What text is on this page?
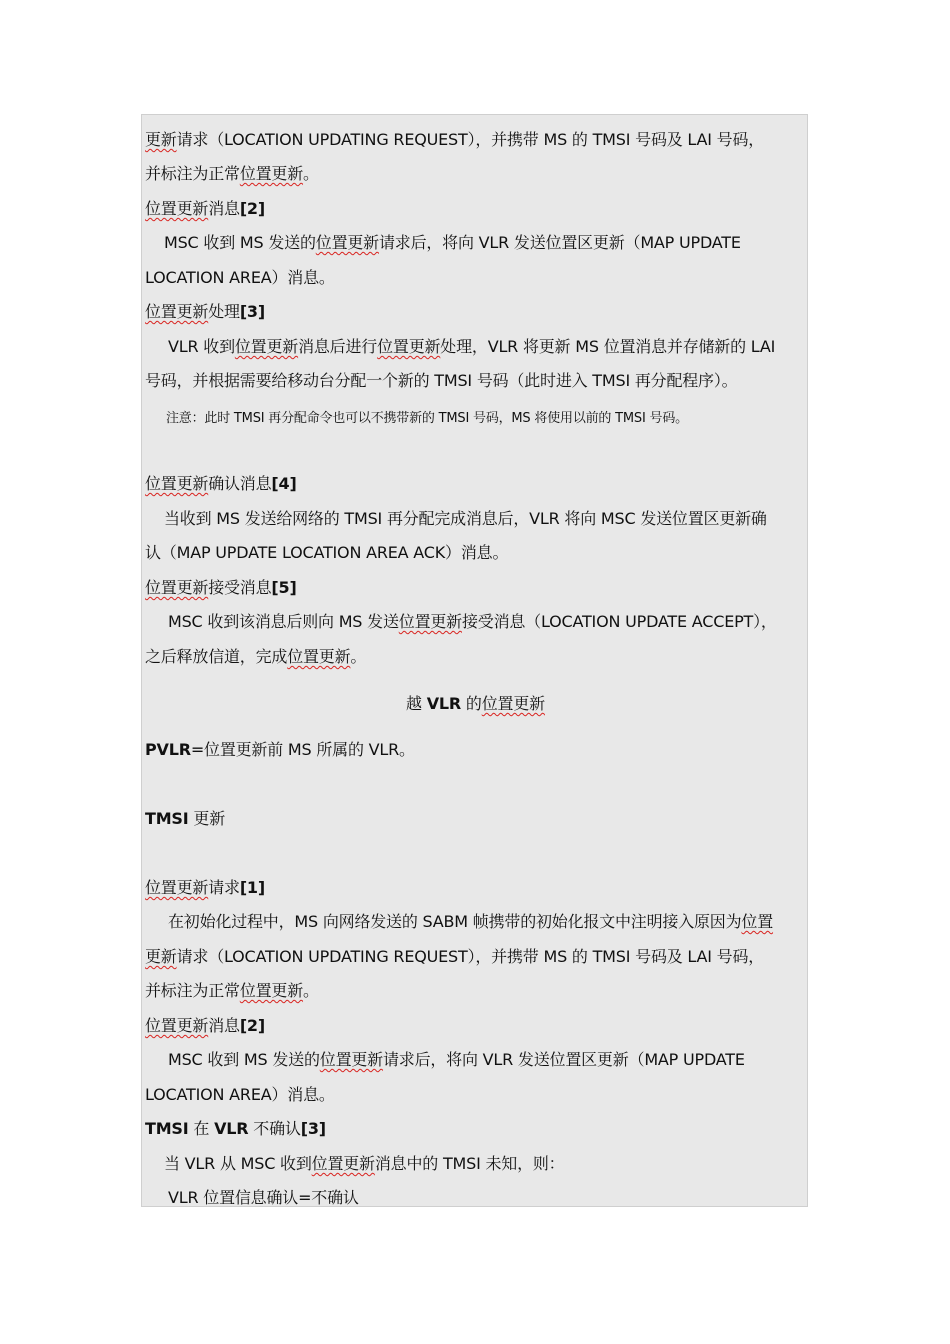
更新请求（LOCATION UPDATING REQUEST），并携带 MS 的 TMSI 号码及 LAI 号码，
并标注为正常位置更新。
位置更新消息[2]
MSC 收到 MS 发送的位置更新请求后，将向 VLR 发送位置区更新（MAP UPDATE
LOCATION AREA）消息。
位置更新处理[3]
VLR 收到位置更新消息后进行位置更新处理，VLR 将更新 MS 位置消息并存储新的 LAI
号码，并根据需要给移动台分配一个新的 TMSI 号码（此时进入 TMSI 再分配程序）。
注意：此时 TMSI 再分配命令也可以不携带新的 TMSI 号码，MS 将使用以前的 TMSI 号码。
位置更新确认消息[4]
当收到 MS 发送给网络的 TMSI 再分配完成消息后，VLR 将向 MSC 发送位置区更新确
认（MAP UPDATE LOCATION AREA ACK）消息。
位置更新接受消息[5]
MSC 收到该消息后则向 MS 发送位置更新接受消息（LOCATION UPDATE ACCEPT），
之后释放信道，完成位置更新。
越 VLR 的位置更新
PVLR=位置更新前 MS 所属的 VLR。
TMSI 更新
位置更新请求[1]
在初始化过程中，MS 向网络发送的 SABM 帧携带的初始化报文中注明接入原因为位置
更新请求（LOCATION UPDATING REQUEST），并携带 MS 的 TMSI 号码及 LAI 号码，
并标注为正常位置更新。
位置更新消息[2]
MSC 收到 MS 发送的位置更新请求后，将向 VLR 发送位置区更新（MAP UPDATE
LOCATION AREA）消息。
TMSI 在 VLR 不确认[3]
当 VLR 从 MSC 收到位置更新消息中的 TMSI 未知，则：
VLR 位置信息确认=不确认
